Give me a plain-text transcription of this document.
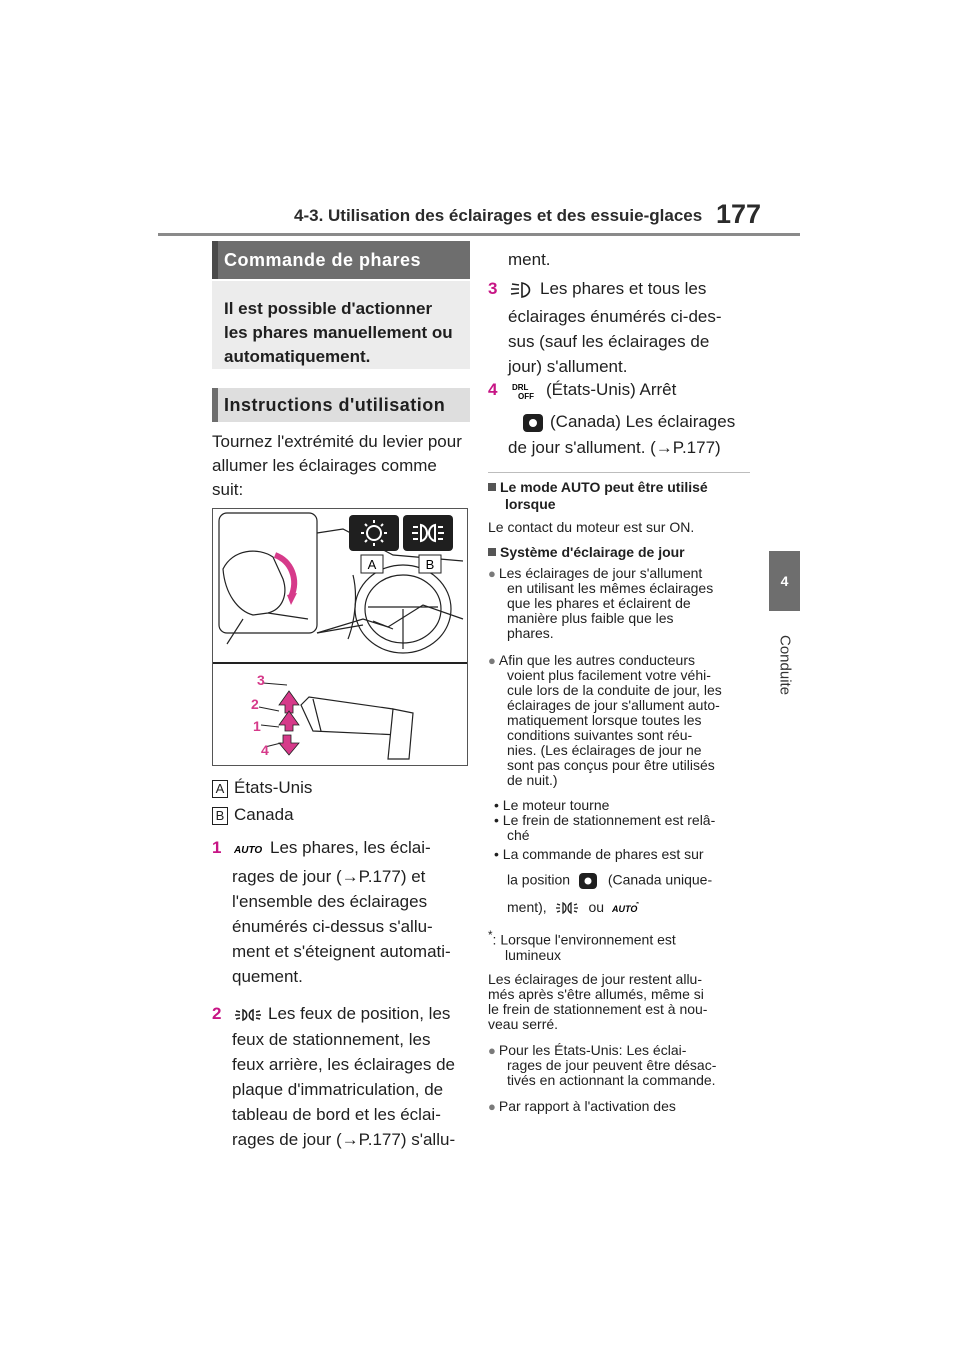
4-3. Utilisation des éclairages et des essuie-glaces 177
4
Conduite
Commande de phares
Il est possible d'actionner les phares manuellement ou automatiquement.
Instructions d'utilisation
Tournez l'extrémité du levier pour allumer les éclairages comme suit:
A	B
3
2
1
4
A États-Unis
B Canada
1 AUTO Les phares, les éclai-
rages de jour (→P.177) et
l'ensemble des éclairages
énumérés ci-dessus s'allu-
ment et s'éteignent automati-
quement.
2	Les feux de position, les
feux de stationnement, les
feux arrière, les éclairages de
plaque d'immatriculation, de
tableau de bord et les éclai-
rages de jour (→P.177) s'allu-
ment.
3	Les phares et tous les
éclairages énumérés ci-des-
sus (sauf les éclairages de
jour) s'allument.
4 DRL
OFF (États-Unis) Arrêt
(Canada) Les éclairages
de jour s'allument. (→P.177)
Le mode AUTO peut être utilisé
lorsque
Le contact du moteur est sur ON.
Système d'éclairage de jour
● Les éclairages de jour s'allument
en utilisant les mêmes éclairages
que les phares et éclairent de
manière plus faible que les
phares.
● Afin que les autres conducteurs
voient plus facilement votre véhi-
cule lors de la conduite de jour, les
éclairages de jour s'allument auto-
matiquement lorsque toutes les
conditions suivantes sont réu-
nies. (Les éclairages de jour ne
sont pas conçus pour être utilisés
de nuit.)
• Le moteur tourne
• Le frein de stationnement est relâ-
ché
• La commande de phares est sur
la position	(Canada unique-
ment),	ou AUTO
*
*: Lorsque l'environnement est
lumineux
Les éclairages de jour restent allu-
més après s'être allumés, même si
le frein de stationnement est à nou-
veau serré.
● Pour les États-Unis: Les éclai-
rages de jour peuvent être désac-
tivés en actionnant la commande.
● Par rapport à l'activation des
